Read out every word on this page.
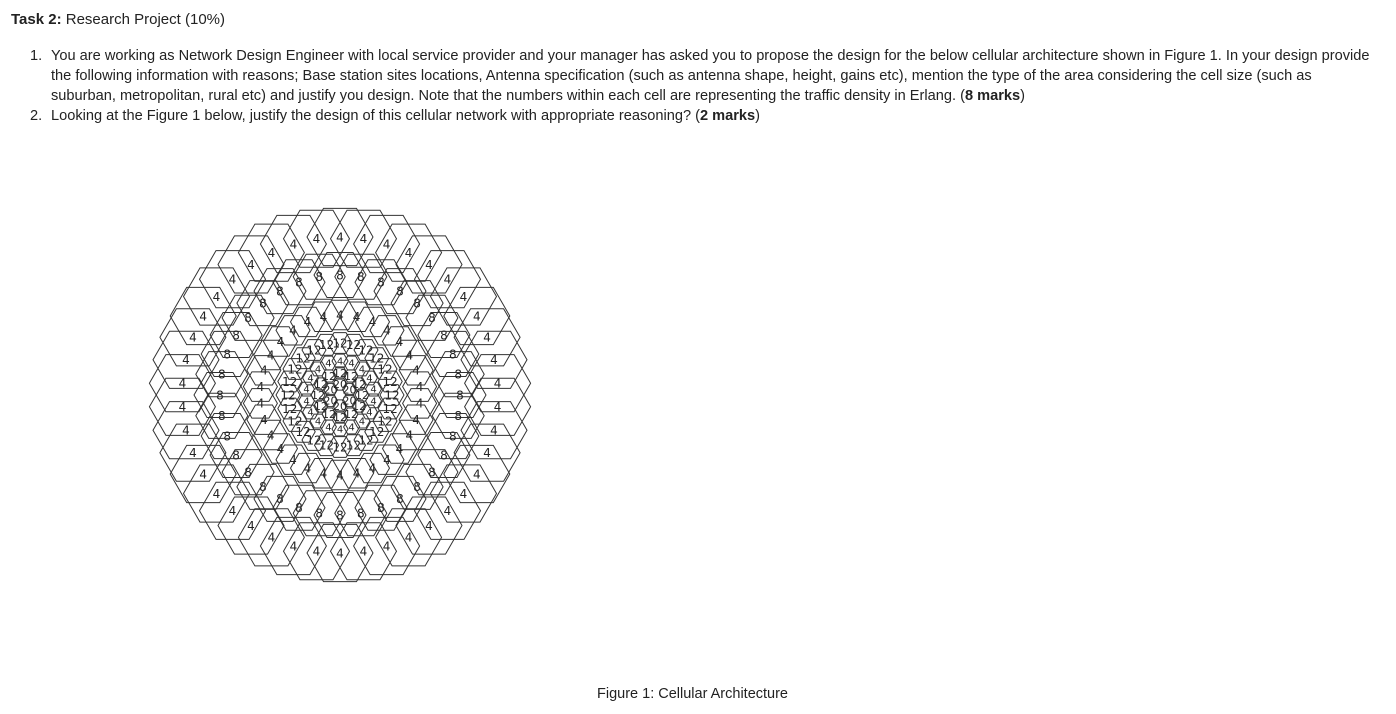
Task 2: Research Project (10%)
1. You are working as Network Design Engineer with local service provider and your manager has asked you to propose the design for the below cellular architecture shown in Figure 1. In your design provide the following information with reasons; Base station sites locations, Antenna specification (such as antenna shape, height, gains etc), mention the type of the area considering the cell size (such as suburban, metropolitan, rural etc) and justify you design. Note that the numbers within each cell are representing the traffic density in Erlang. (8 marks)
2. Looking at the Figure 1 below, justify the design of this cellular network with appropriate reasoning? (2 marks)
20
20
20
20
20
20
12
12
12
12
12
12
12
12
12
12
12
12
4 4
4
4
4
4
4
4
4
4
4
4
4
4
4
4
4
4
12
12
12
12
12
12
12
12
12
12
12
12
12
12
12
12
12
12
12
12
12
12
12
12
4 4 4
4
4
4
4
4
4
4
4
4
4
4
4
4
4
4
4
4
4
4
4
4
4
4
4
4
4 4
8 8 8
8
8
8
8
8
8
8
8
8
8
8
8
8
8
8
8
8
8
8
8
8
8
8
8
8
8
8
8
8
8
8
8 8
4 4 4
4
4
4
4
4
4
4
4
4
4
4
4
4
4
4
4
4
4
4
4
4
4
4
4
4
4
4
4
4
4
4
4
4
4
4
4
4
4 4
Figure 1: Cellular Architecture
